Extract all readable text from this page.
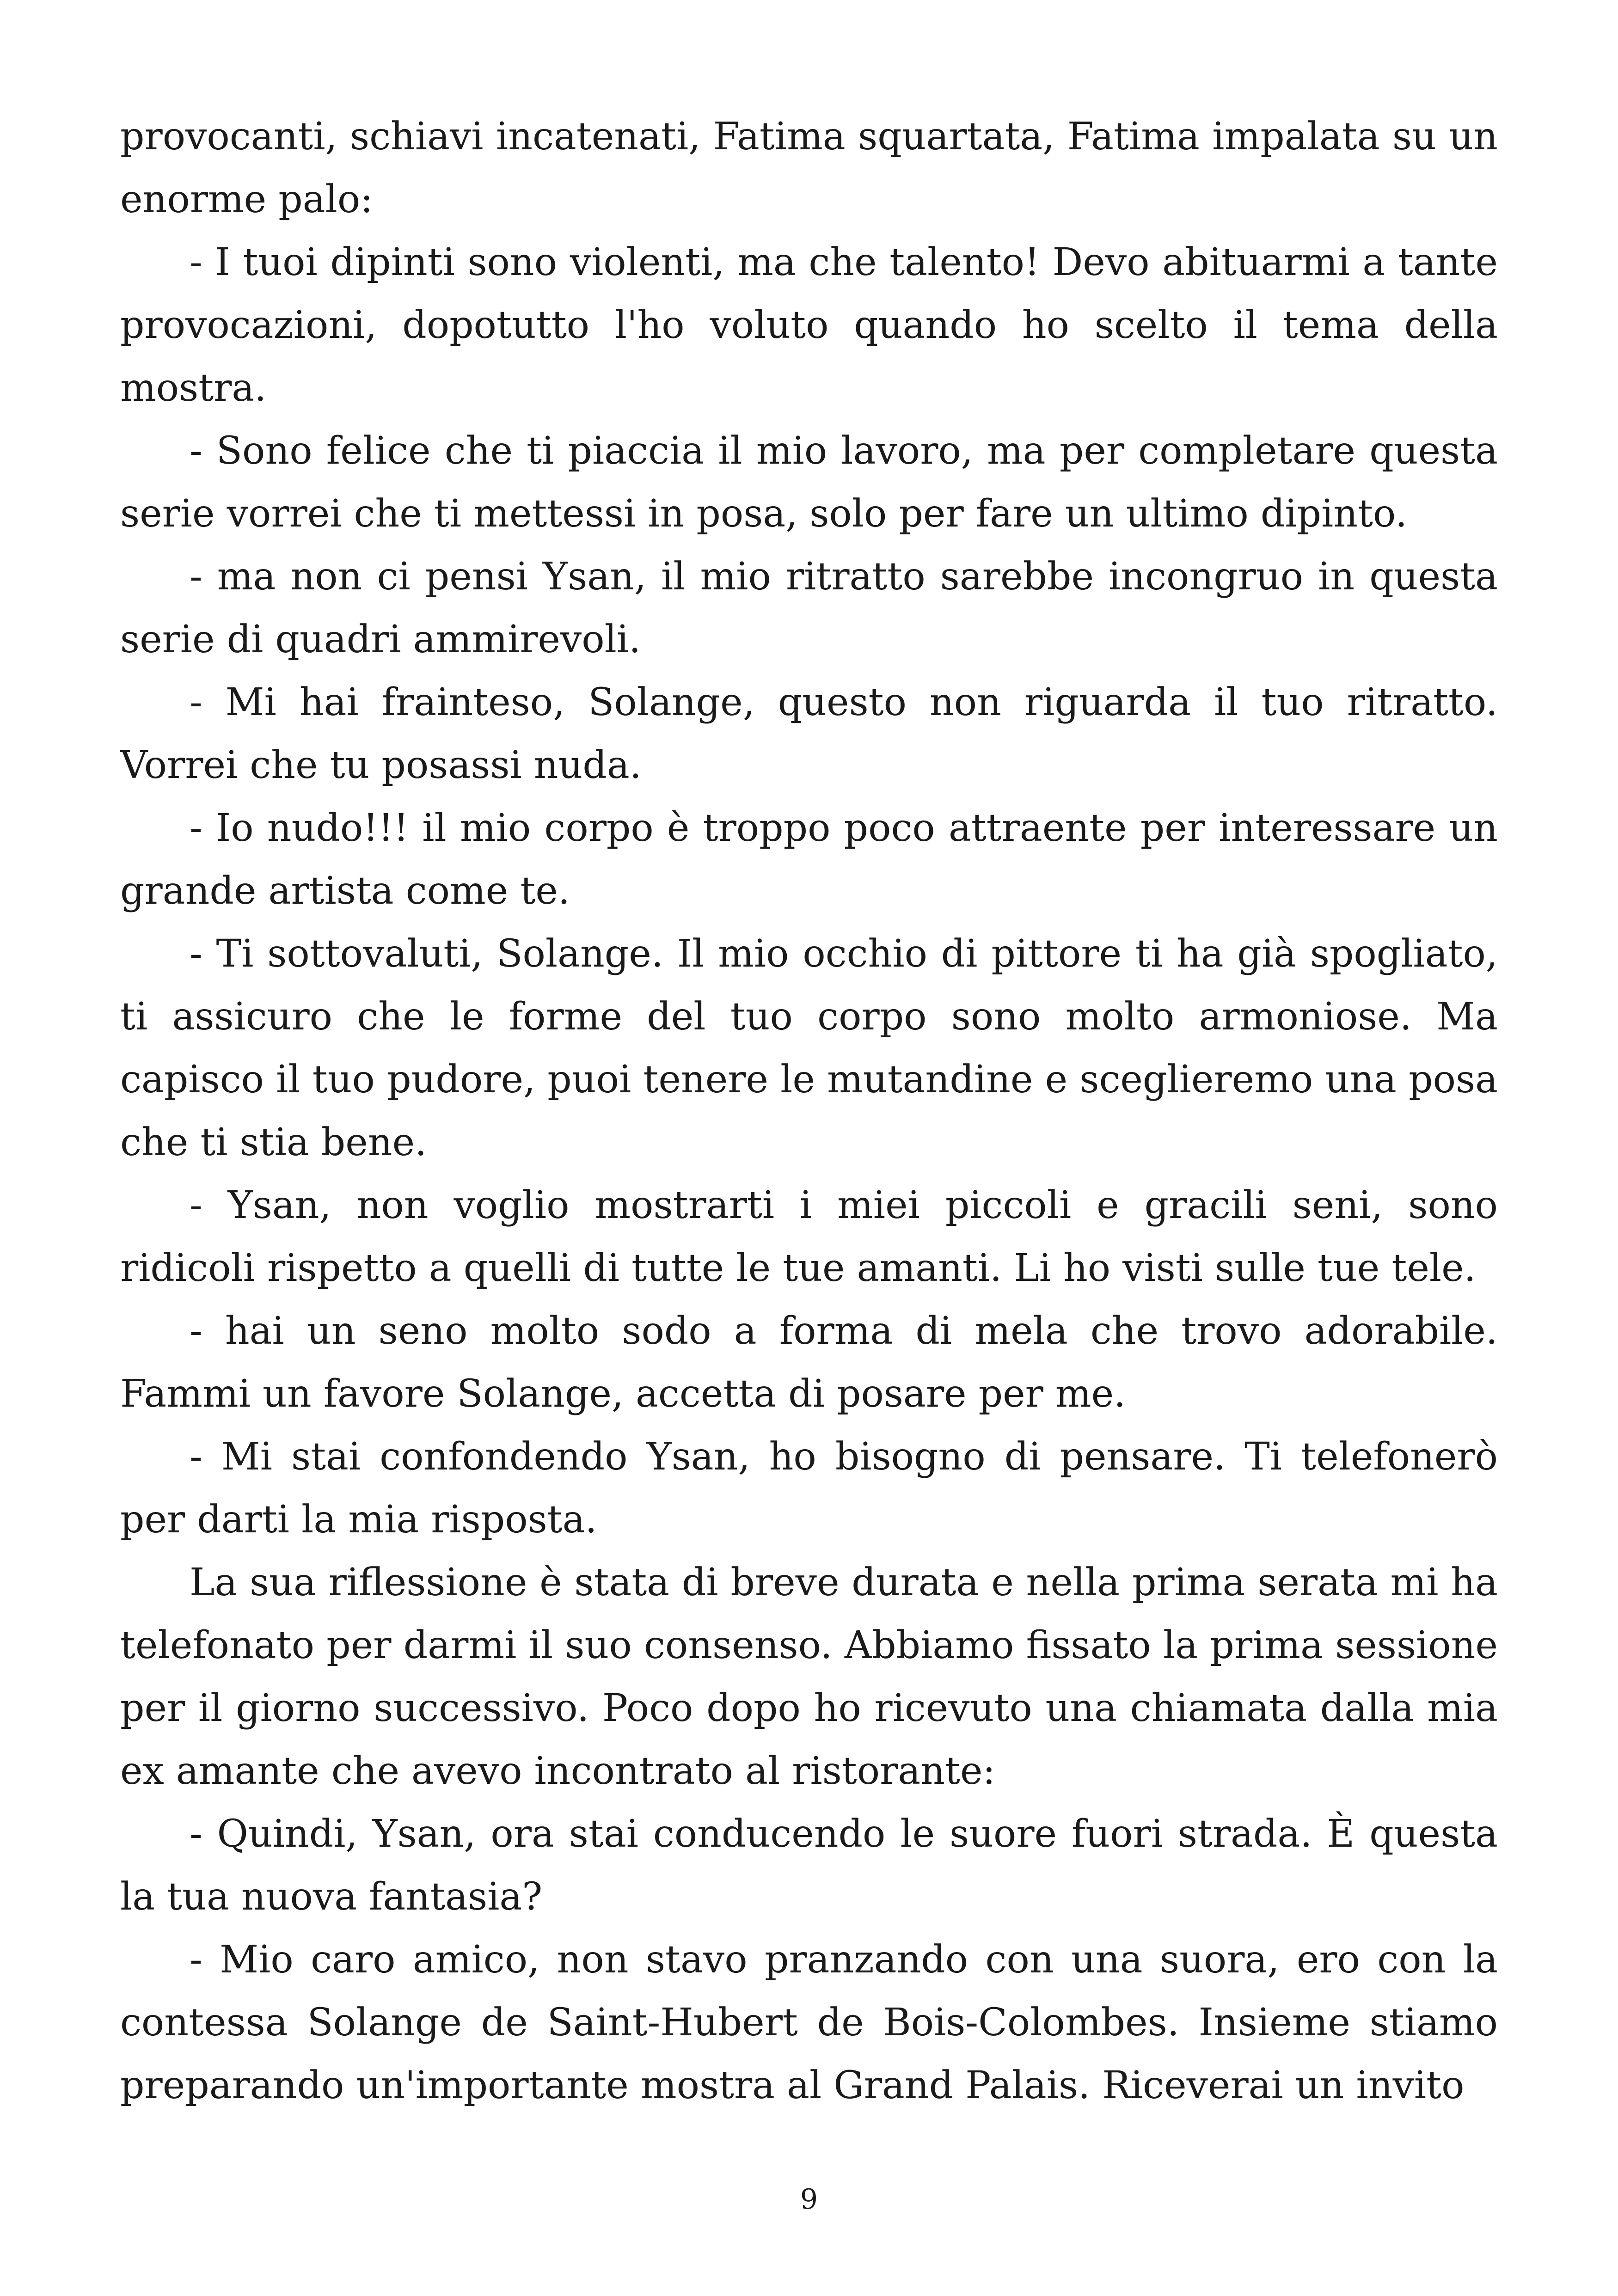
provocanti, schiavi incatenati, Fatima squartata, Fatima impalata su un enorme palo:

- I tuoi dipinti sono violenti, ma che talento! Devo abituarmi a tante provocazioni, dopotutto l'ho voluto quando ho scelto il tema della mostra.

- Sono felice che ti piaccia il mio lavoro, ma per completare questa serie vorrei che ti mettessi in posa, solo per fare un ultimo dipinto.

- ma non ci pensi Ysan, il mio ritratto sarebbe incongruo in questa serie di quadri ammirevoli.

- Mi hai frainteso, Solange, questo non riguarda il tuo ritratto. Vorrei che tu posassi nuda.

- Io nudo!!! il mio corpo è troppo poco attraente per interessare un grande artista come te.

- Ti sottovaluti, Solange. Il mio occhio di pittore ti ha già spogliato, ti assicuro che le forme del tuo corpo sono molto armoniose. Ma capisco il tuo pudore, puoi tenere le mutandine e sceglieremo una posa che ti stia bene.

- Ysan, non voglio mostrarti i miei piccoli e gracili seni, sono ridicoli rispetto a quelli di tutte le tue amanti. Li ho visti sulle tue tele.

- hai un seno molto sodo a forma di mela che trovo adorabile. Fammi un favore Solange, accetta di posare per me.

- Mi stai confondendo Ysan, ho bisogno di pensare. Ti telefonerò per darti la mia risposta.

La sua riflessione è stata di breve durata e nella prima serata mi ha telefonato per darmi il suo consenso. Abbiamo fissato la prima sessione per il giorno successivo. Poco dopo ho ricevuto una chiamata dalla mia ex amante che avevo incontrato al ristorante:

- Quindi, Ysan, ora stai conducendo le suore fuori strada. È questa la tua nuova fantasia?

- Mio caro amico, non stavo pranzando con una suora, ero con la contessa Solange de Saint-Hubert de Bois-Colombes. Insieme stiamo preparando un'importante mostra al Grand Palais. Riceverai un invito

9
